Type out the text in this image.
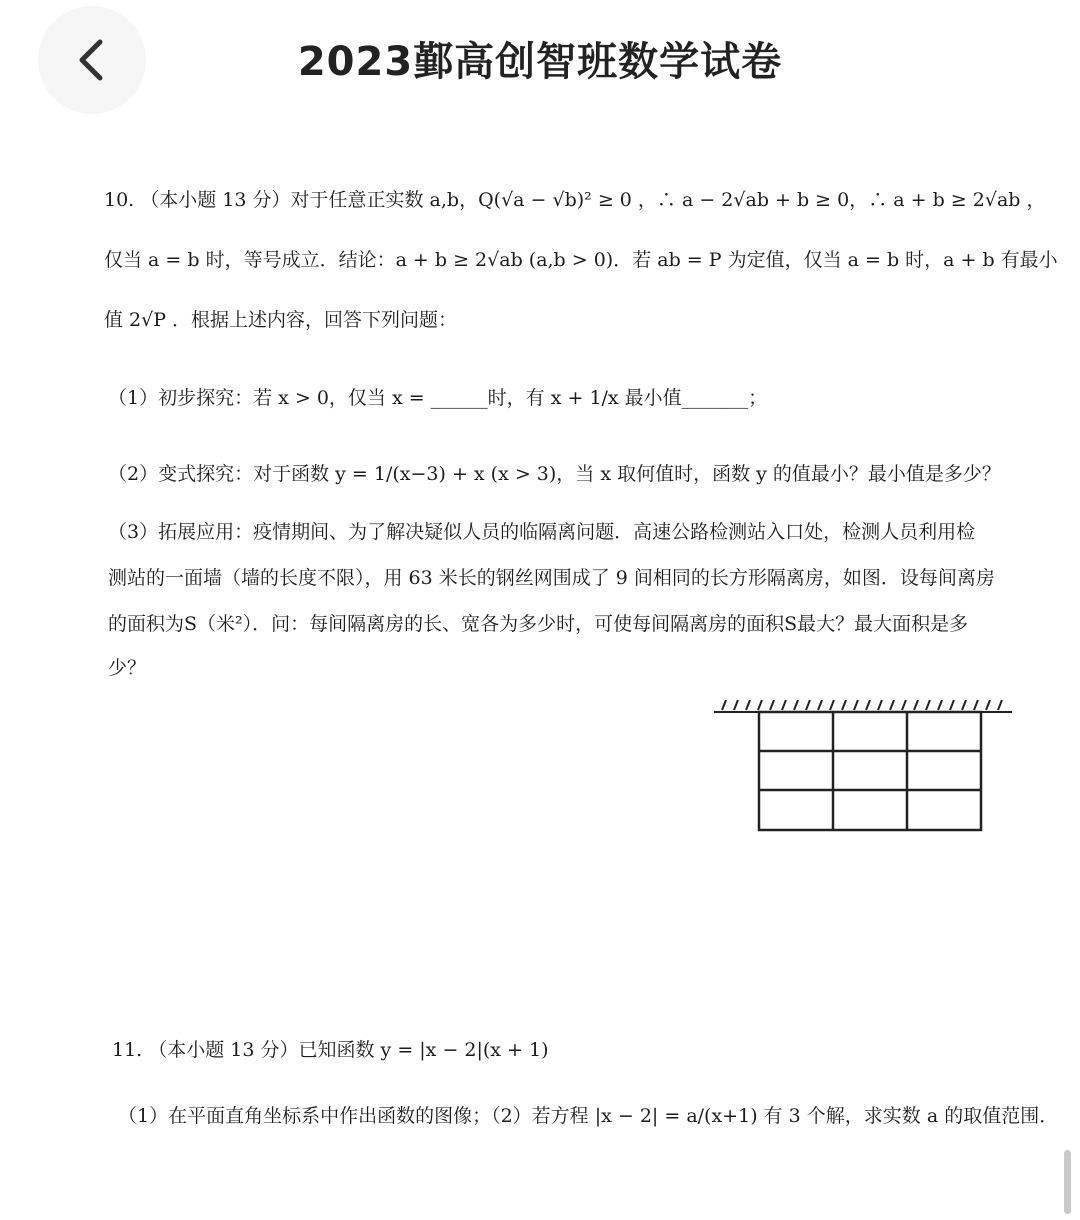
2023鄞高创智班数学试卷
10. （本小题 13 分）对于任意正实数 a,b，Q(√a − √b)² ≥ 0 ，∴ a − 2√ab + b ≥ 0，∴ a + b ≥ 2√ab ，
仅当 a = b 时，等号成立．结论：a + b ≥ 2√ab (a,b > 0)．若 ab = P 为定值，仅当 a = b 时，a + b 有最小
值 2√P ．根据上述内容，回答下列问题：
（1）初步探究：若 x > 0，仅当 x = ______时，有 x + 1/x 最小值_______；
（2）变式探究：对于函数 y = 1/(x−3) + x (x > 3)，当 x 取何值时，函数 y 的值最小？最小值是多少？
（3）拓展应用：疫情期间、为了解决疑似人员的临隔离问题．高速公路检测站入口处，检测人员利用检
测站的一面墙（墙的长度不限），用 63 米长的钢丝网围成了 9 间相同的长方形隔离房，如图．设每间离房
的面积为S（米²）．问：每间隔离房的长、宽各为多少时，可使每间隔离房的面积S最大？最大面积是多
少？
11. （本小题 13 分）已知函数 y = |x − 2|(x + 1)
（1）在平面直角坐标系中作出函数的图像；（2）若方程 |x − 2| = a/(x+1) 有 3 个解，求实数 a 的取值范围．
